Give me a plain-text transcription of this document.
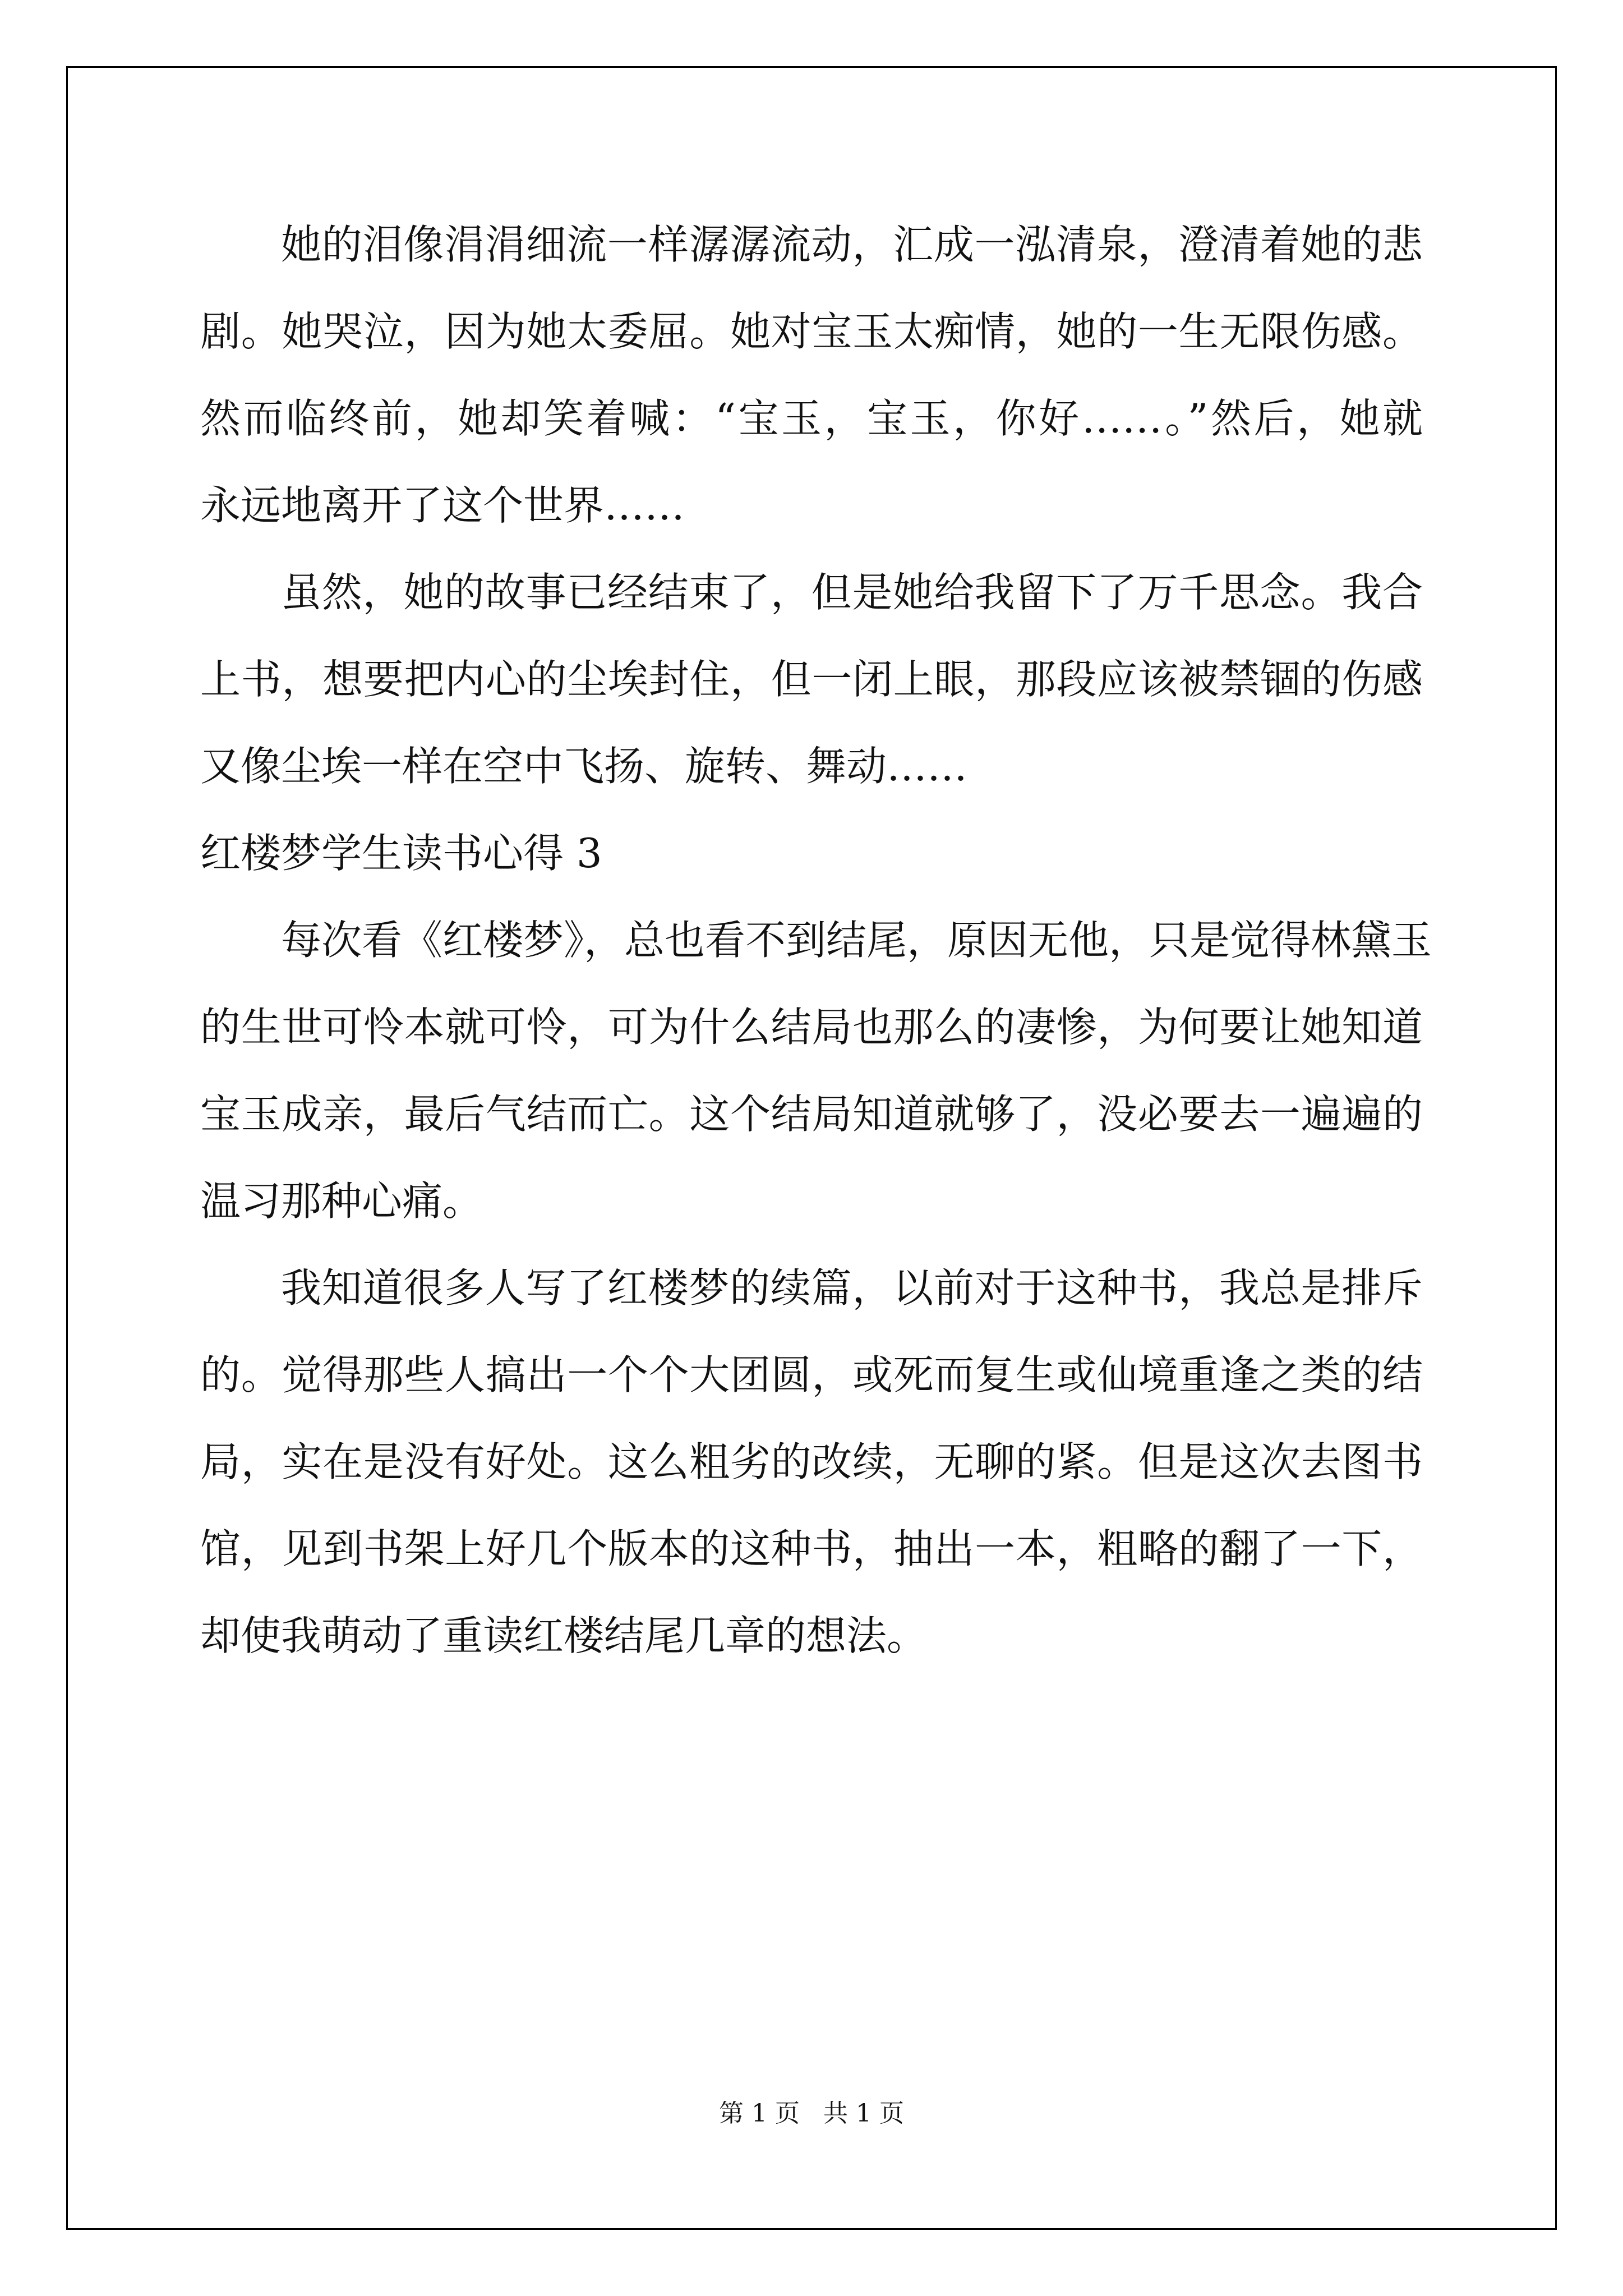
她的泪像涓涓细流一样潺潺流动，汇成一泓清泉，澄清着她的悲
剧。她哭泣，因为她太委屈。她对宝玉太痴情，她的一生无限伤感。
然而临终前，她却笑着喊：“宝玉，宝玉，你好……。”然后，她就
永远地离开了这个世界……
虽然，她的故事已经结束了，但是她给我留下了万千思念。我合
上书，想要把内心的尘埃封住，但一闭上眼，那段应该被禁锢的伤感
又像尘埃一样在空中飞扬、旋转、舞动……
红楼梦学生读书心得 3
每次看《红楼梦》，总也看不到结尾，原因无他，只是觉得林黛玉
的生世可怜本就可怜，可为什么结局也那么的凄惨，为何要让她知道
宝玉成亲，最后气结而亡。这个结局知道就够了，没必要去一遍遍的
温习那种心痛。
我知道很多人写了红楼梦的续篇，以前对于这种书，我总是排斥
的。觉得那些人搞出一个个大团圆，或死而复生或仙境重逢之类的结
局，实在是没有好处。这么粗劣的改续，无聊的紧。但是这次去图书
馆，见到书架上好几个版本的这种书，抽出一本，粗略的翻了一下，
却使我萌动了重读红楼结尾几章的想法。
第 1 页   共 1 页
